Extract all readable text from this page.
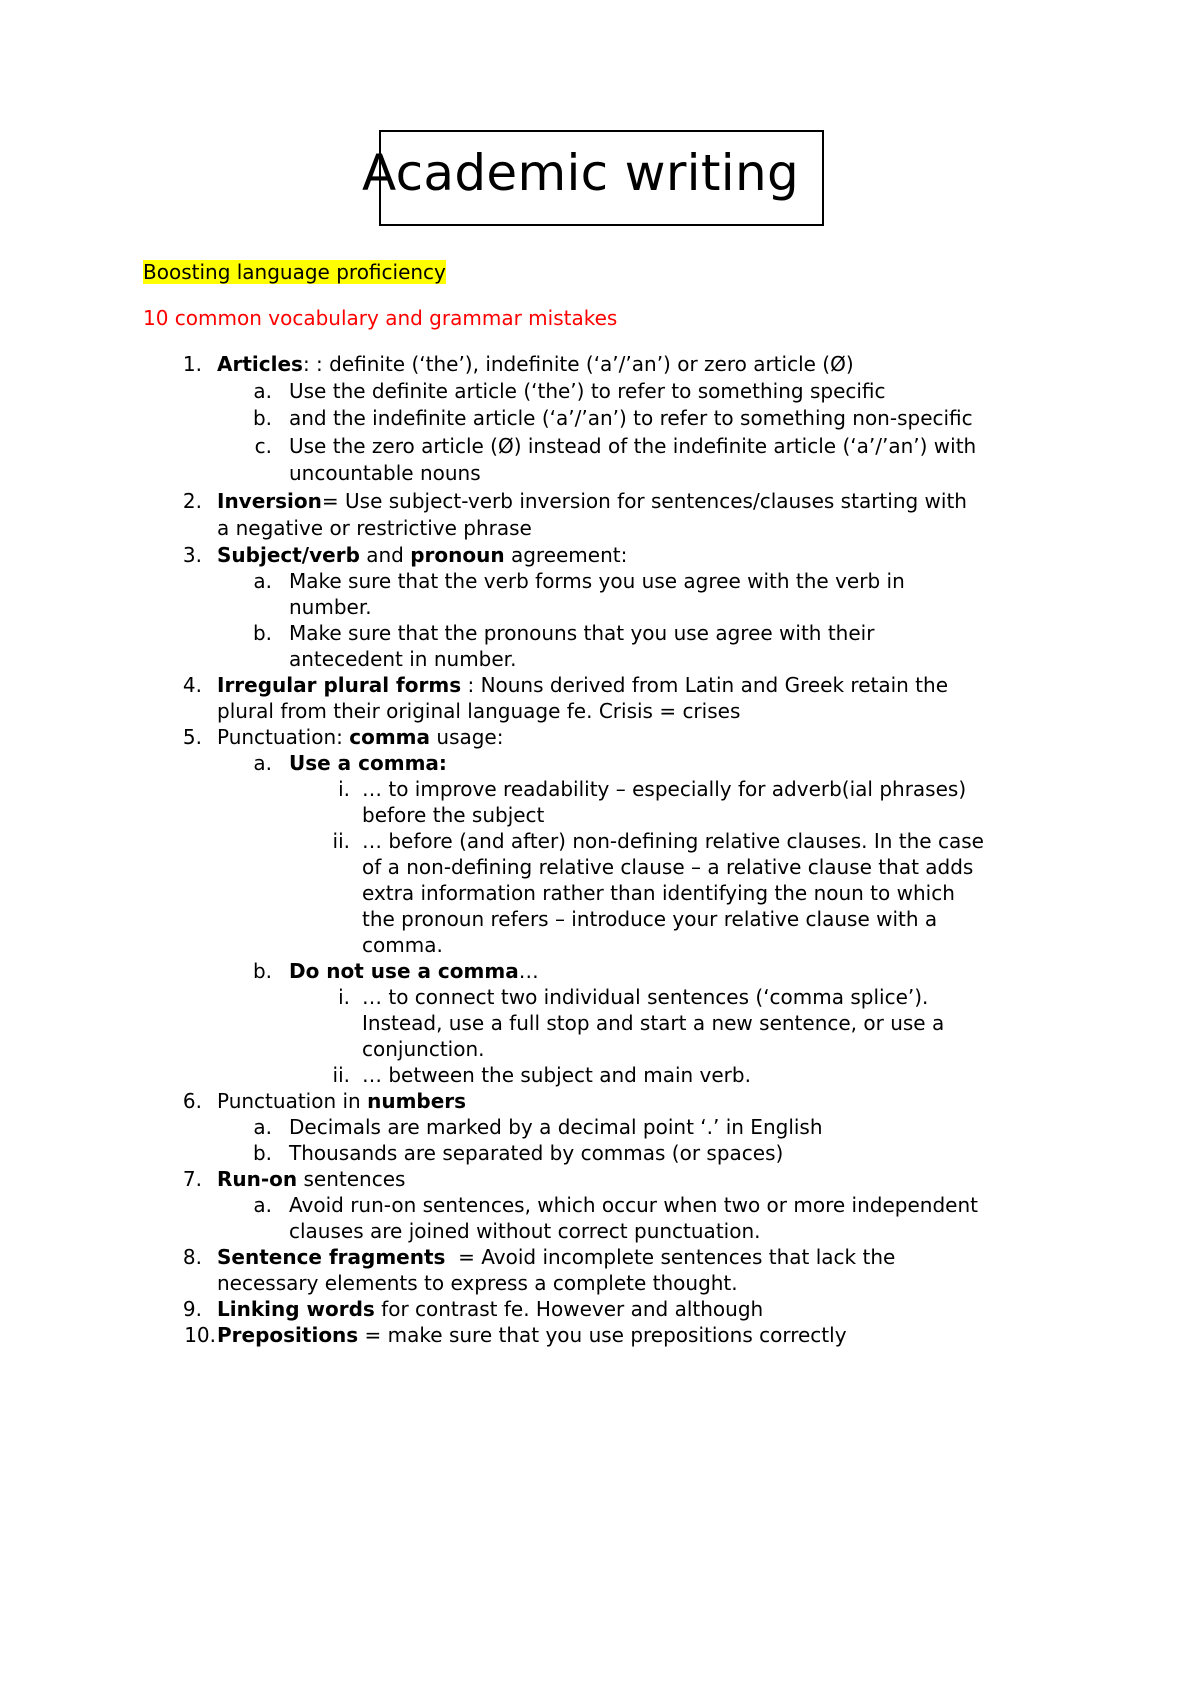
Academic writing
Boosting language proficiency
10 common vocabulary and grammar mistakes
1. Articles: : definite (‘the’), indefinite (‘a’/’an’) or zero article (Ø)
a. Use the definite article (‘the’) to refer to something specific
b. and the indefinite article (‘a’/’an’) to refer to something non-specific
c. Use the zero article (Ø) instead of the indefinite article (‘a’/’an’) with
uncountable nouns
2. Inversion= Use subject-verb inversion for sentences/clauses starting with
a negative or restrictive phrase
3. Subject/verb and pronoun agreement:
a. Make sure that the verb forms you use agree with the verb in
number.
b. Make sure that the pronouns that you use agree with their
antecedent in number.
4. Irregular plural forms : Nouns derived from Latin and Greek retain the
plural from their original language fe. Crisis = crises
5. Punctuation: comma usage:
a. Use a comma:
i. … to improve readability – especially for adverb(ial phrases)
before the subject
ii. … before (and after) non-defining relative clauses. In the case
of a non-defining relative clause – a relative clause that adds
extra information rather than identifying the noun to which
the pronoun refers – introduce your relative clause with a
comma.
b. Do not use a comma…
i. … to connect two individual sentences (‘comma splice’).
Instead, use a full stop and start a new sentence, or use a
conjunction.
ii. … between the subject and main verb.
6. Punctuation in numbers
a. Decimals are marked by a decimal point ‘.’ in English
b. Thousands are separated by commas (or spaces)
7. Run-on sentences
a. Avoid run-on sentences, which occur when two or more independent
clauses are joined without correct punctuation.
8. Sentence fragments  = Avoid incomplete sentences that lack the
necessary elements to express a complete thought.
9. Linking words for contrast fe. However and although
10. Prepositions = make sure that you use prepositions correctly
